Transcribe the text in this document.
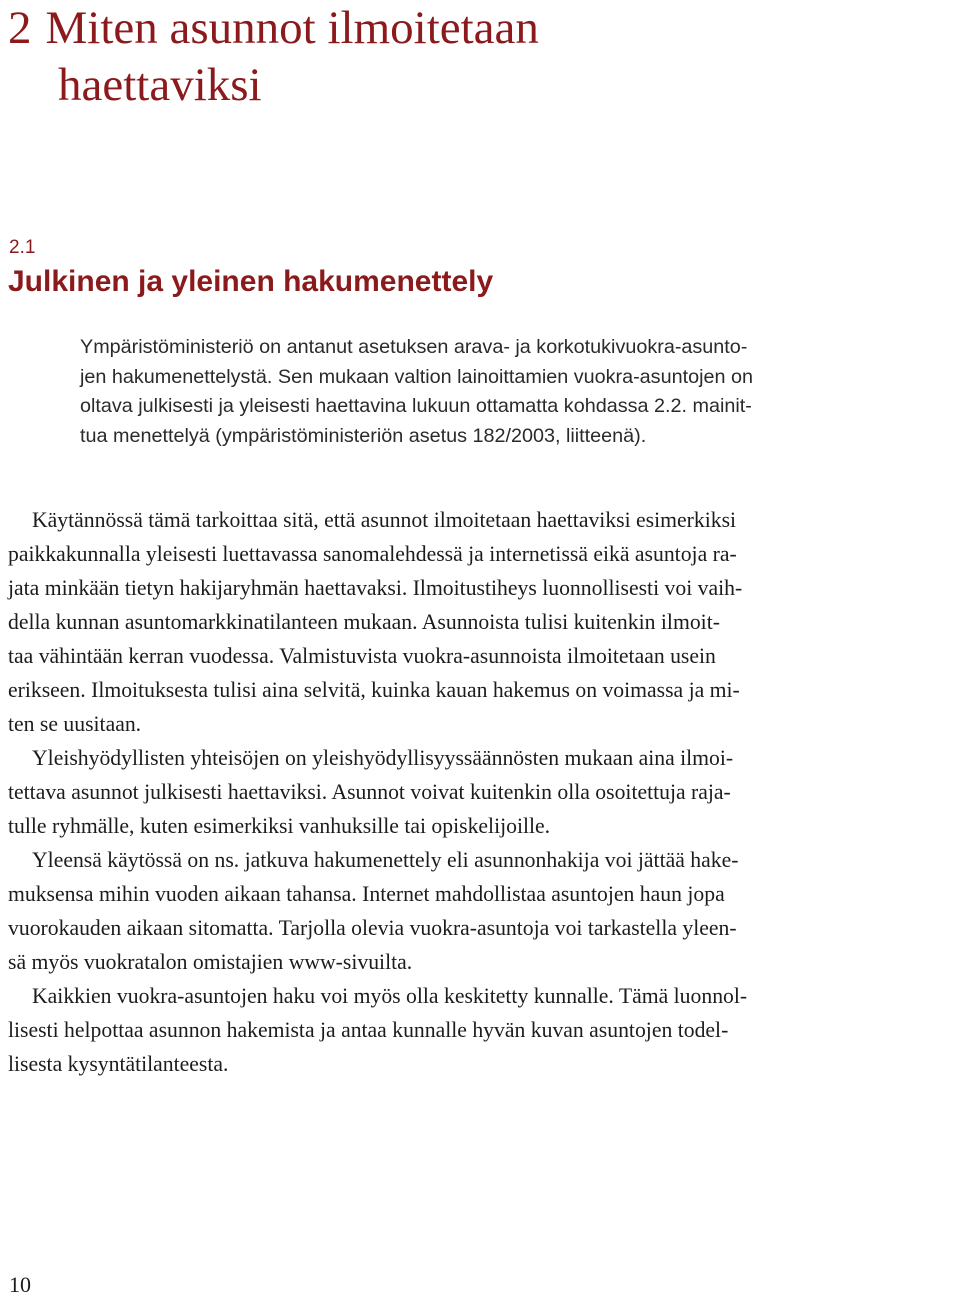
2 Miten asunnot ilmoitetaan
haettaviksi
2.1
Julkinen ja yleinen hakumenettely
Ympäristöministeriö on antanut asetuksen arava- ja korkotukivuokra-asunto-
jen hakumenettelystä. Sen mukaan valtion lainoittamien vuokra-asuntojen on
oltava julkisesti ja yleisesti haettavina lukuun ottamatta kohdassa 2.2. mainit-
tua menettelyä (ympäristöministeriön asetus 182/2003, liitteenä).

Käytännössä tämä tarkoittaa sitä, että asunnot ilmoitetaan haettaviksi esimerkiksi
paikkakunnalla yleisesti luettavassa sanomalehdessä ja internetissä eikä asuntoja ra-
jata minkään tietyn hakijaryhmän haettavaksi. Ilmoitustiheys luonnollisesti voi vaih-
della kunnan asuntomarkkinatilanteen mukaan. Asunnoista tulisi kuitenkin ilmoit-
taa vähintään kerran vuodessa. Valmistuvista vuokra-asunnoista ilmoitetaan usein
erikseen. Ilmoituksesta tulisi aina selvitä, kuinka kauan hakemus on voimassa ja mi-
ten se uusitaan.

Yleishyödyllisten yhteisöjen on yleishyödyllisyyssäännösten mukaan aina ilmoi-
tettava asunnot julkisesti haettaviksi. Asunnot voivat kuitenkin olla osoitettuja raja-
tulle ryhmälle, kuten esimerkiksi vanhuksille tai opiskelijoille.

Yleensä käytössä on ns. jatkuva hakumenettely eli asunnonhakija voi jättää hake-
muksensa mihin vuoden aikaan tahansa. Internet mahdollistaa asuntojen haun jopa
vuorokauden aikaan sitomatta. Tarjolla olevia vuokra-asuntoja voi tarkastella yleen-
sä myös vuokratalon omistajien www-sivuilta.

Kaikkien vuokra-asuntojen haku voi myös olla keskitetty kunnalle. Tämä luonnol-
lisesti helpottaa asunnon hakemista ja antaa kunnalle hyvän kuvan asuntojen todel-
lisesta kysyntätilanteesta.

10
